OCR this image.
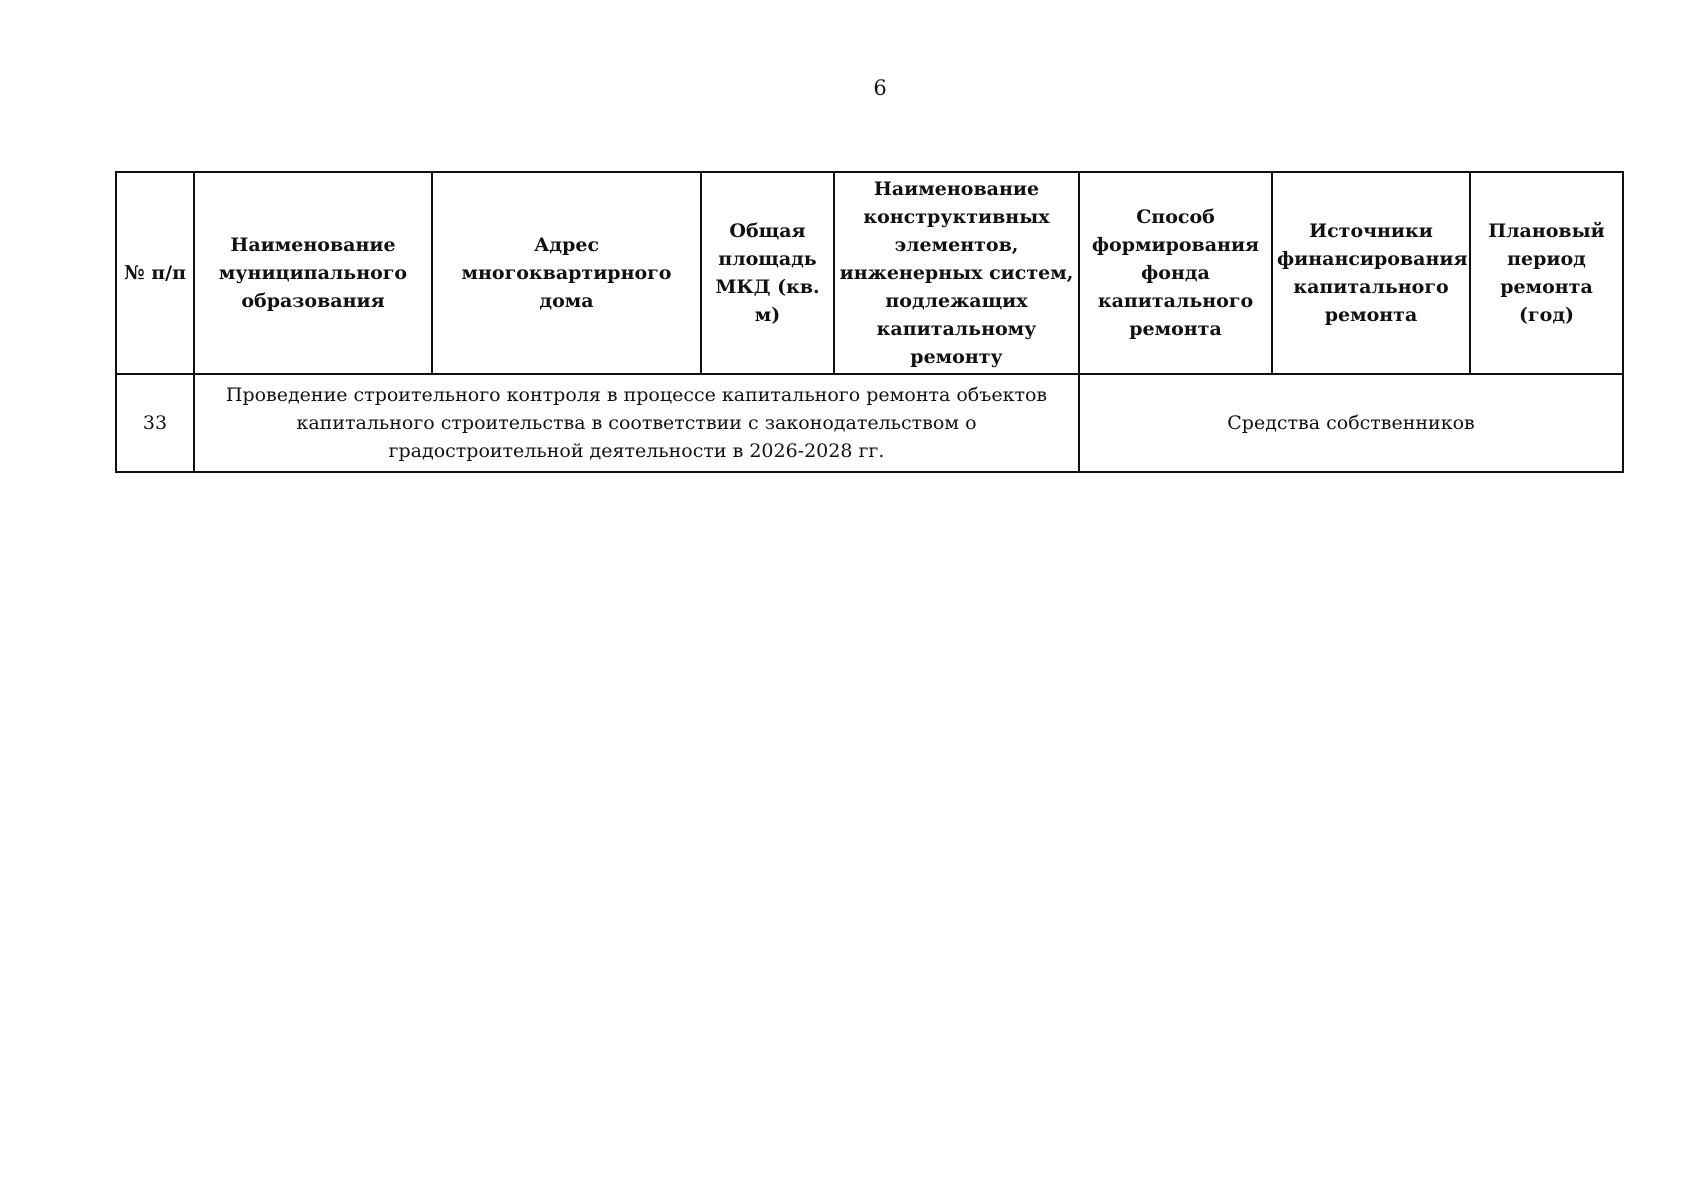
6
№ п/п	Наименование муниципального образования	Адрес многоквартирного дома	Общая площадь МКД (кв. м)	Наименование конструктивных элементов, инженерных систем, подлежащих капитальному ремонту	Способ формирования фонда капитального ремонта	Источники финансирования капитального ремонта	Плановый период ремонта (год)
33	Проведение строительного контроля в процессе капитального ремонта объектов капитального строительства в соответствии с законодательством о градостроительной деятельности в 2026-2028 гг.				Средства собственников		
